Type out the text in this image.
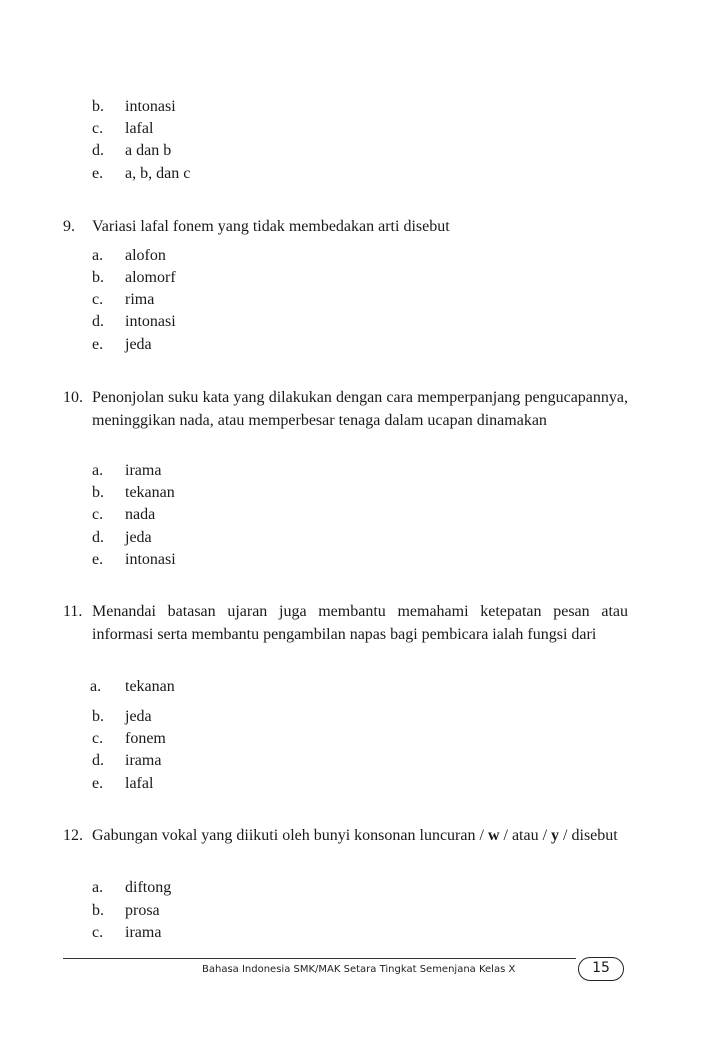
b. intonasi
c. lafal
d. a dan b
e. a, b, dan c
9. Variasi lafal fonem yang tidak membedakan arti disebut
a. alofon
b. alomorf
c. rima
d. intonasi
e. jeda
10. Penonjolan suku kata yang dilakukan dengan cara memperpanjang pengucapannya, meninggikan nada, atau memperbesar tenaga dalam ucapan dinamakan
a. irama
b. tekanan
c. nada
d. jeda
e. intonasi
11. Menandai batasan ujaran juga membantu memahami ketepatan pesan atau informasi serta membantu pengambilan napas bagi pembicara ialah fungsi dari
a. tekanan
b. jeda
c. fonem
d. irama
e. lafal
12. Gabungan vokal yang diikuti oleh bunyi konsonan luncuran / w / atau / y / disebut
a. diftong
b. prosa
c. irama
Bahasa Indonesia SMK/MAK Setara Tingkat Semenjana Kelas X	15
